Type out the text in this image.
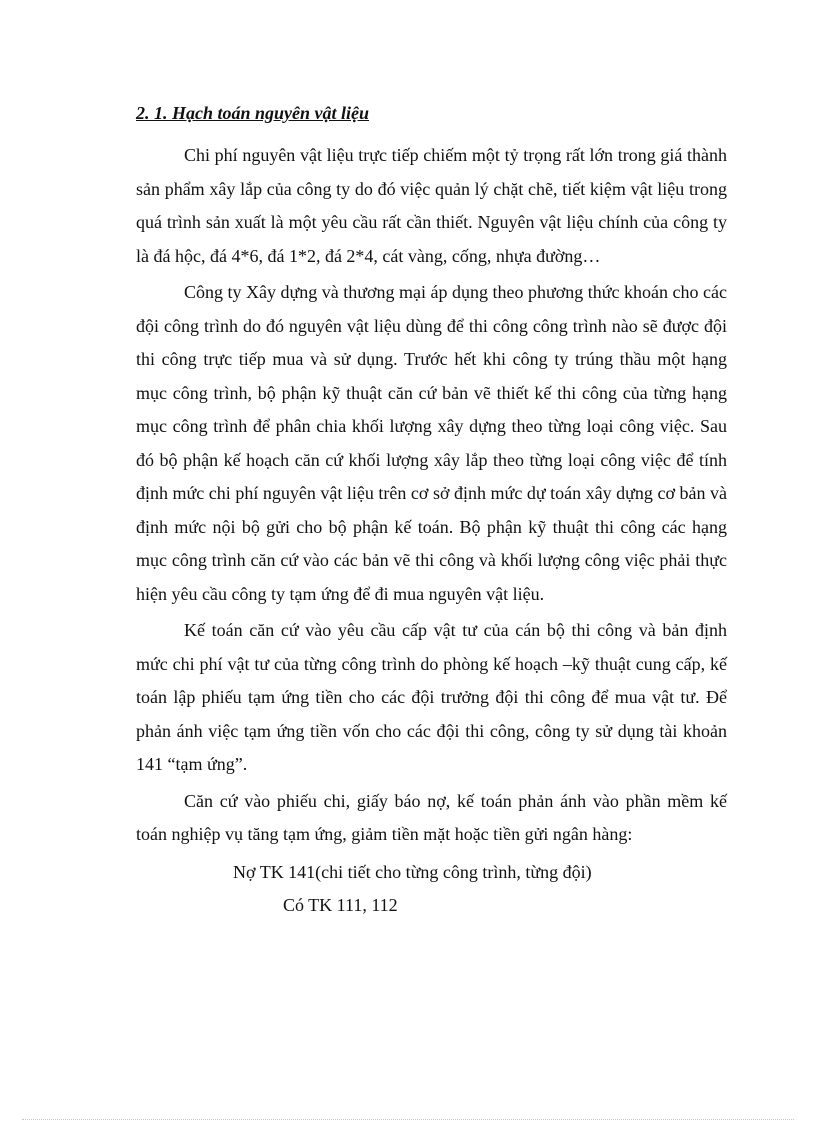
2. 1. Hạch toán nguyên vật liệu

Chi phí nguyên vật liệu trực tiếp chiếm một tỷ trọng rất lớn trong giá thành sản phẩm xây lắp của công ty do đó việc quản lý chặt chẽ, tiết kiệm vật liệu trong quá trình sản xuất là một yêu cầu rất cần thiết. Nguyên vật liệu chính của công ty là đá hộc, đá 4*6, đá 1*2, đá 2*4, cát vàng, cống, nhựa đường…

Công ty Xây dựng và thương mại áp dụng theo phương thức khoán cho các đội công trình do đó nguyên vật liệu dùng để thi công công trình nào sẽ được đội thi công trực tiếp mua và sử dụng. Trước hết khi công ty trúng thầu một hạng mục công trình, bộ phận kỹ thuật căn cứ bản vẽ thiết kế thi công của từng hạng mục công trình để phân chia khối lượng xây dựng theo từng loại công việc. Sau đó bộ phận kế hoạch căn cứ khối lượng xây lắp theo từng loại công việc để tính định mức chi phí nguyên vật liệu trên cơ sở định mức dự toán xây dựng cơ bản và định mức nội bộ gửi cho bộ phận kế toán. Bộ phận kỹ thuật thi công các hạng mục công trình căn cứ vào các bản vẽ thi công và khối lượng công việc phải thực hiện yêu cầu công ty tạm ứng để đi mua nguyên vật liệu.

Kế toán căn cứ vào yêu cầu cấp vật tư của cán bộ thi công và bản định mức chi phí vật tư của từng công trình do phòng kế hoạch –kỹ thuật cung cấp, kế toán lập phiếu tạm ứng tiền cho các đội trưởng đội thi công để mua vật tư. Để phản ánh việc tạm ứng tiền vốn cho các đội thi công, công ty sử dụng tài khoản 141 “tạm ứng”.

Căn cứ vào phiếu chi, giấy báo nợ, kế toán phản ánh vào phần mềm kế toán nghiệp vụ tăng tạm ứng, giảm tiền mặt hoặc tiền gửi ngân hàng:

Nợ TK 141(chi tiết cho từng công trình, từng đội)

Có TK 111, 112
